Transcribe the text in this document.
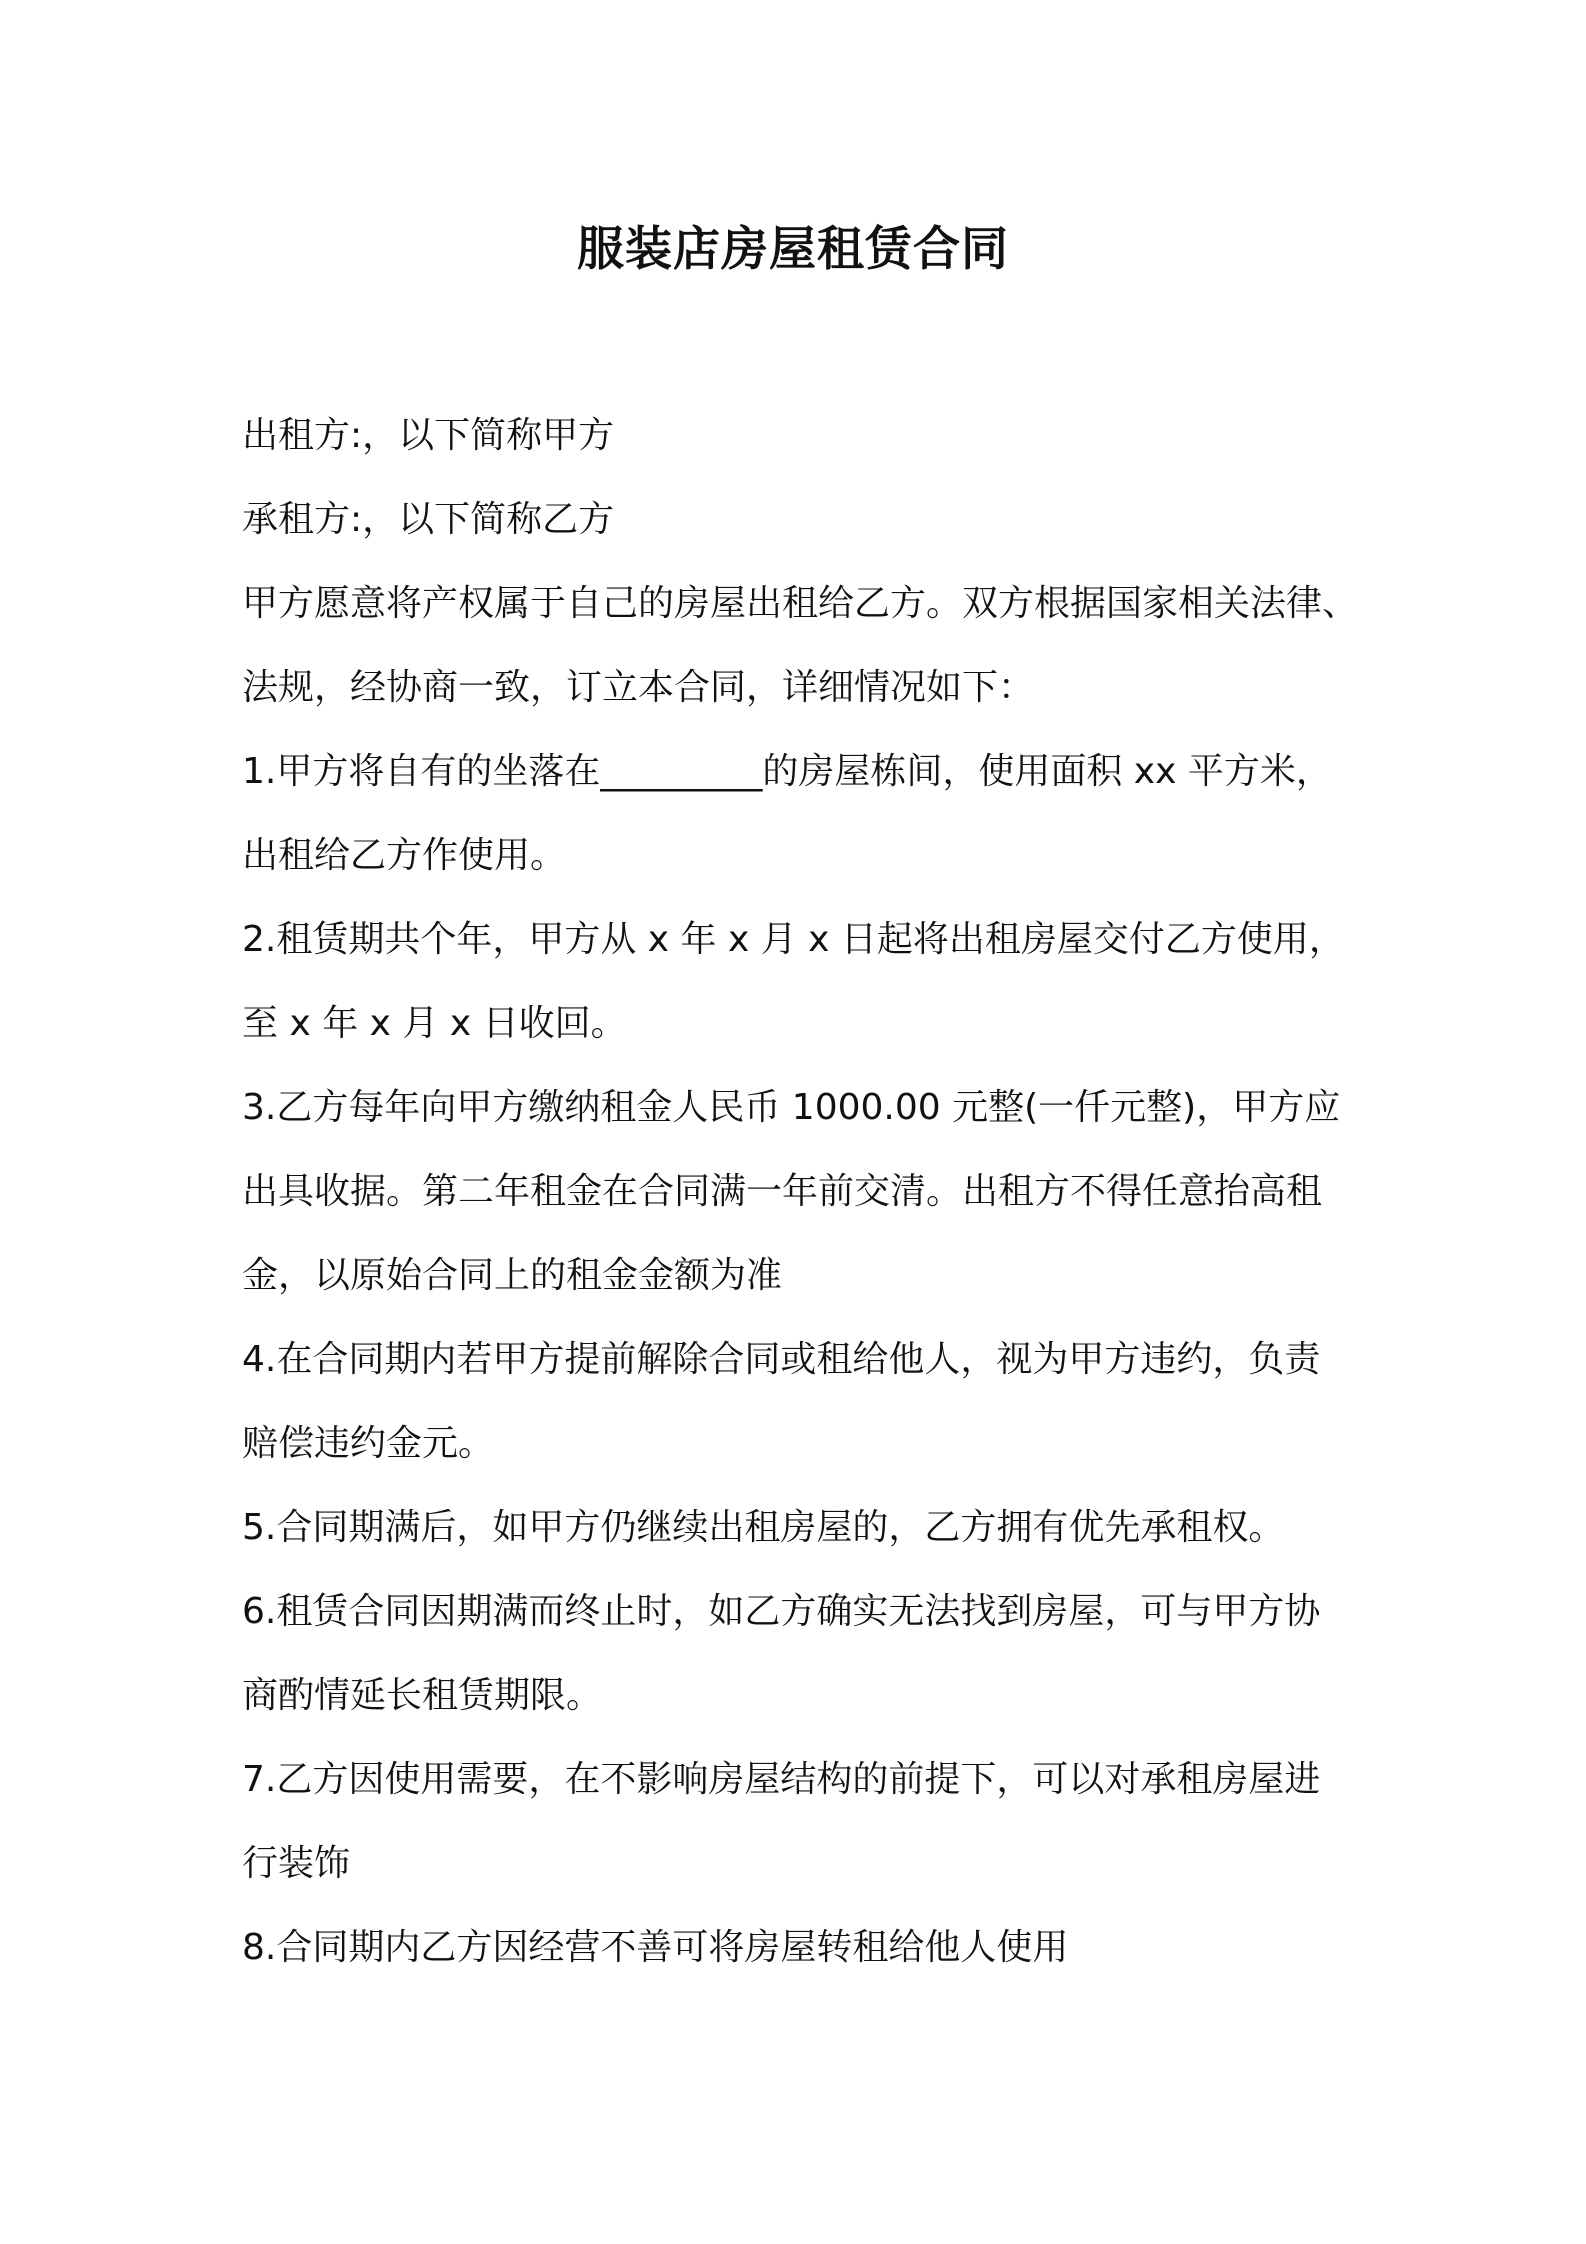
服装店房屋租赁合同
出租方:，以下简称甲方
承租方:，以下简称乙方
甲方愿意将产权属于自己的房屋出租给乙方。双方根据国家相关法律、
法规，经协商一致，订立本合同，详细情况如下：
1.甲方将自有的坐落在_________的房屋栋间，使用面积 xx 平方米，
出租给乙方作使用。
2.租赁期共个年，甲方从 x 年 x 月 x 日起将出租房屋交付乙方使用，
至 x 年 x 月 x 日收回。
3.乙方每年向甲方缴纳租金人民币 1000.00 元整(一仟元整)，甲方应
出具收据。第二年租金在合同满一年前交清。出租方不得任意抬高租
金，以原始合同上的租金金额为准
4.在合同期内若甲方提前解除合同或租给他人，视为甲方违约，负责
赔偿违约金元。
5.合同期满后，如甲方仍继续出租房屋的，乙方拥有优先承租权。
6.租赁合同因期满而终止时，如乙方确实无法找到房屋，可与甲方协
商酌情延长租赁期限。
7.乙方因使用需要，在不影响房屋结构的前提下，可以对承租房屋进
行装饰
8.合同期内乙方因经营不善可将房屋转租给他人使用
